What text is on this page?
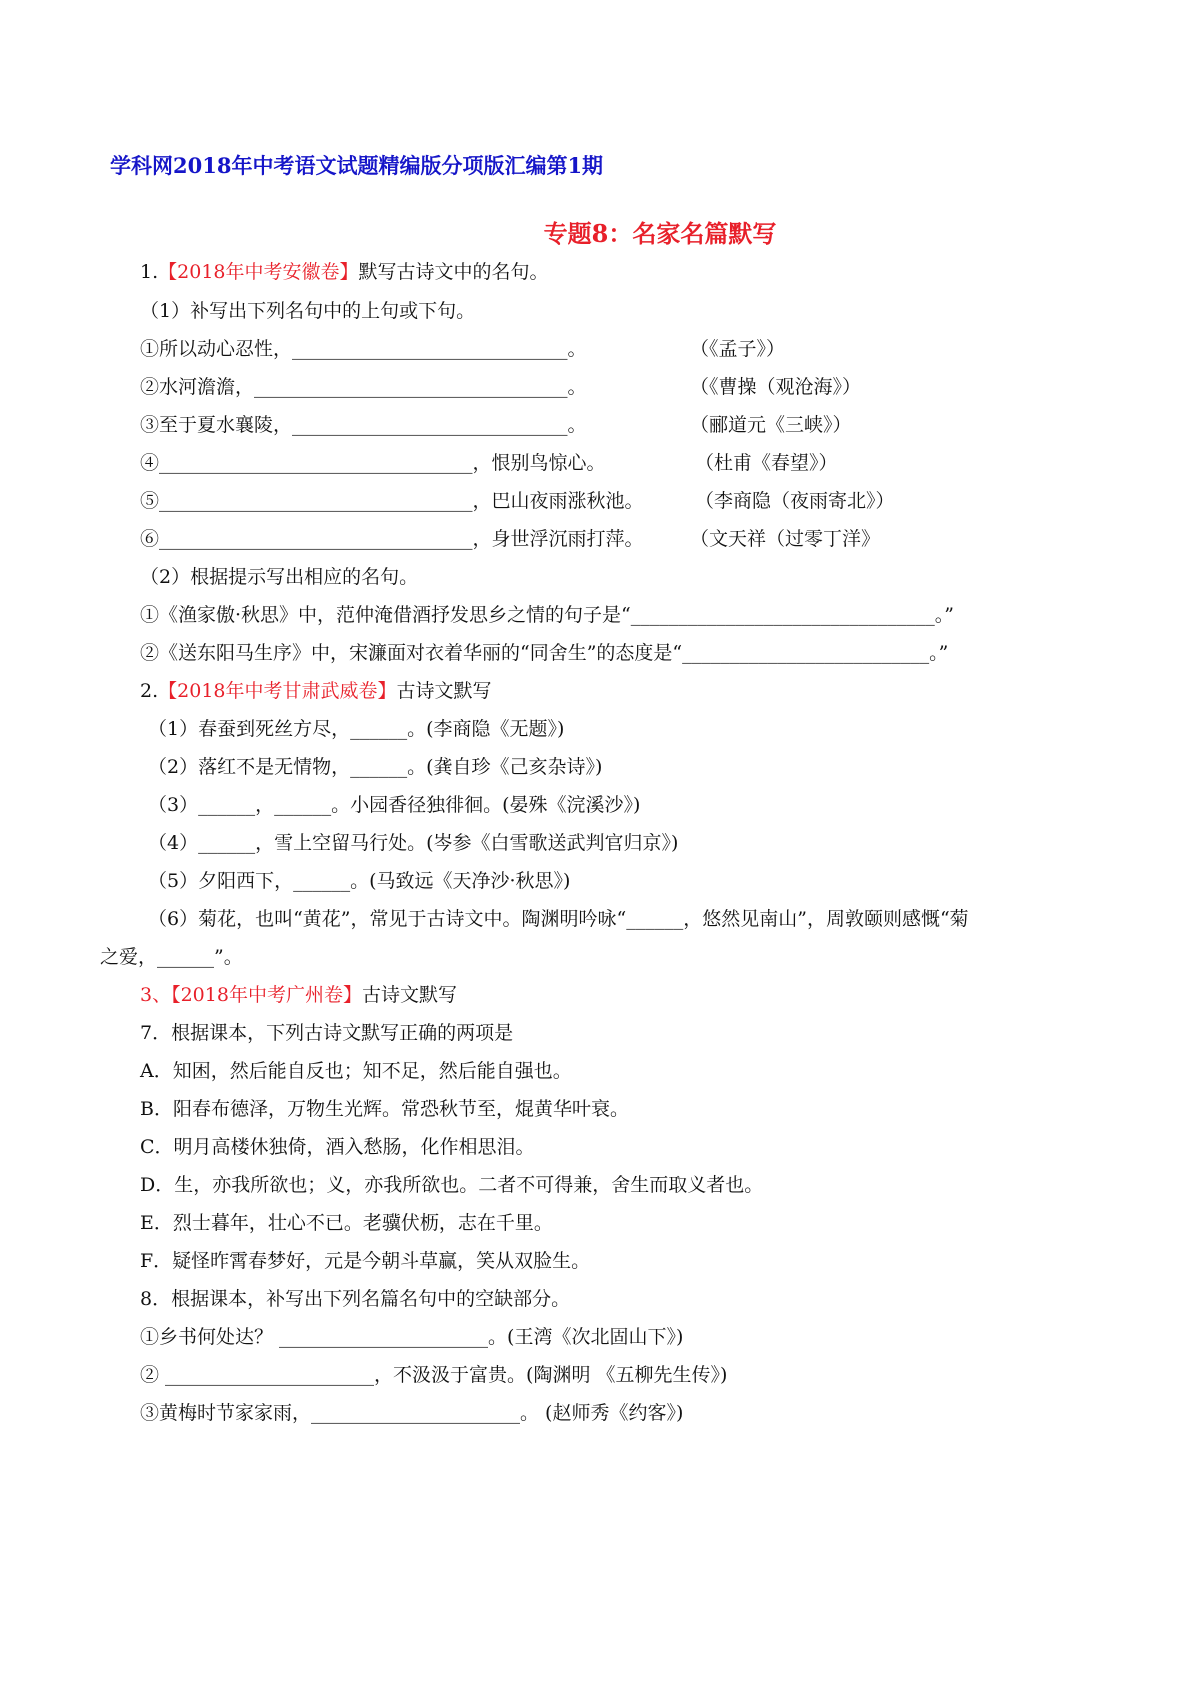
学科网2018年中考语文试题精编版分项版汇编第1期
专题8：名家名篇默写
1.【2018年中考安徽卷】默写古诗文中的名句。
（1）补写出下列名句中的上句或下句。
①所以动心忍性，_____________________________。	（《孟子》）
②水河澹澹，_________________________________。	（《曹操（观沧海》）
③至于夏水襄陵，_____________________________。	（郦道元《三峡》）
④_________________________________，恨别鸟惊心。	（杜甫《春望》）
⑤_________________________________，巴山夜雨涨秋池。	（李商隐（夜雨寄北》）
⑥_________________________________，身世浮沉雨打萍。 （文天祥（过零丁洋》
（2）根据提示写出相应的名句。
①《渔家傲·秋思》中，范仲淹借酒抒发思乡之情的句子是“________________________________。”
②《送东阳马生序》中，宋濂面对衣着华丽的“同舍生”的态度是“__________________________。”
2.【2018年中考甘肃武威卷】古诗文默写
（1）春蚕到死丝方尽，______。(李商隐《无题》)
（2）落红不是无情物，______。(龚自珍《己亥杂诗》)
（3）______，______。小园香径独徘徊。(晏殊《浣溪沙》)
（4）______，雪上空留马行处。(岑参《白雪歌送武判官归京》)
（5）夕阳西下，______。(马致远《天净沙·秋思》)
（6）菊花，也叫“黄花”，常见于古诗文中。陶渊明吟咏“______，悠然见南山”，周敦颐则感慨“菊
之爱，______”。
3、【2018年中考广州卷】古诗文默写
7．根据课本，下列古诗文默写正确的两项是
A．知困，然后能自反也；知不足，然后能自强也。
B．阳春布德泽，万物生光辉。常恐秋节至，焜黄华叶衰。
C．明月高楼休独倚，酒入愁肠，化作相思泪。
D．生，亦我所欲也；义，亦我所欲也。二者不可得兼，舍生而取义者也。
E．烈士暮年，壮心不已。老骥伏枥，志在千里。
F．疑怪昨霄春梦好，元是今朝斗草赢，笑从双脸生。
8．根据课本，补写出下列名篇名句中的空缺部分。
①乡书何处达？ ______________________。(王湾《次北固山下》)
② ______________________，不汲汲于富贵。(陶渊明 《五柳先生传》)
③黄梅时节家家雨，______________________。 (赵师秀《约客》)
